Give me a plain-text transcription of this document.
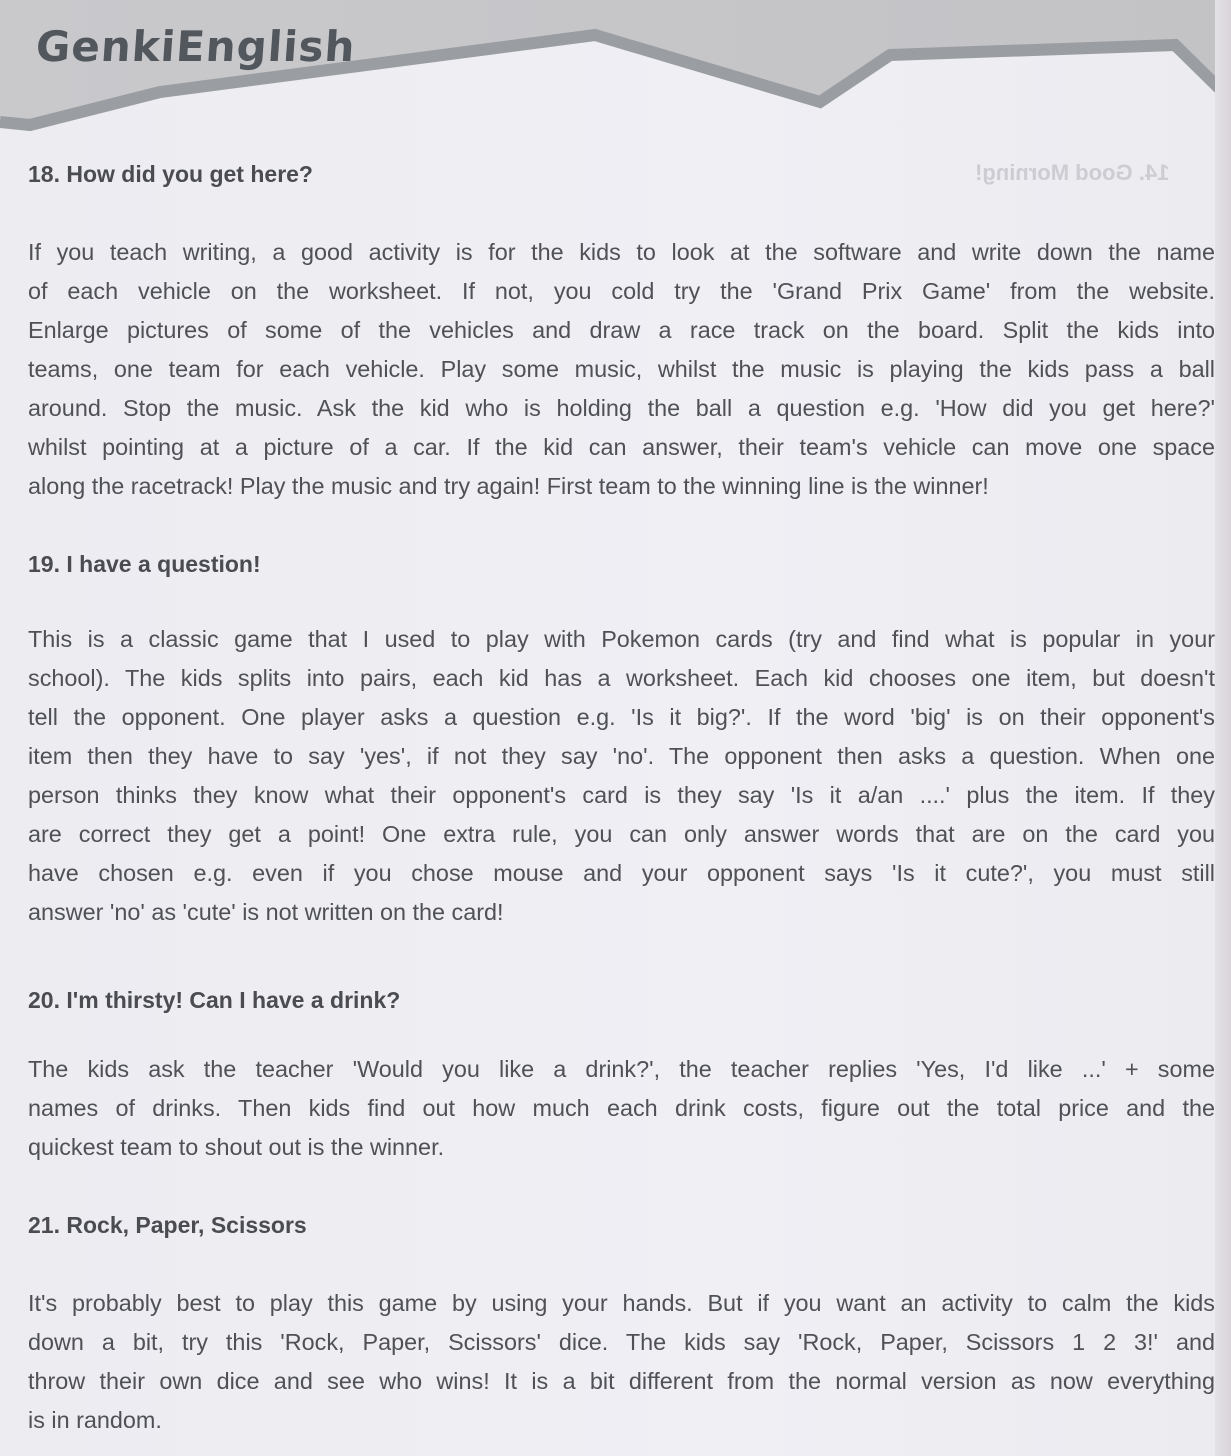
GenkiEnglish
14. Good Morning!
18. How did you get here?
If you teach writing, a good activity is for the kids to look at the software and write down the name
of each vehicle on the worksheet. If not, you cold try the 'Grand Prix Game' from the website.
Enlarge pictures of some of the vehicles and draw a race track on the board. Split the kids into
teams, one team for each vehicle. Play some music, whilst the music is playing the kids pass a ball
around. Stop the music. Ask the kid who is holding the ball a question e.g. 'How did you get here?'
whilst pointing at a picture of a car. If the kid can answer, their team's vehicle can move one space
along the racetrack! Play the music and try again! First team to the winning line is the winner!
19. I have a question!
This is a classic game that I used to play with Pokemon cards (try and find what is popular in your
school). The kids splits into pairs, each kid has a worksheet. Each kid chooses one item, but doesn't
tell the opponent. One player asks a question e.g. 'Is it big?'. If the word 'big' is on their opponent's
item then they have to say 'yes', if not they say 'no'. The opponent then asks a question. When one
person thinks they know what their opponent's card is they say 'Is it a/an ....' plus the item. If they
are correct they get a point! One extra rule, you can only answer words that are on the card you
have chosen e.g. even if you chose mouse and your opponent says 'Is it cute?', you must still
answer 'no' as 'cute' is not written on the card!
20. I'm thirsty! Can I have a drink?
The kids ask the teacher 'Would you like a drink?', the teacher replies 'Yes, I'd like ...' + some
names of drinks. Then kids find out how much each drink costs, figure out the total price and the
quickest team to shout out is the winner.
21. Rock, Paper, Scissors
It's probably best to play this game by using your hands. But if you want an activity to calm the kids
down a bit, try this 'Rock, Paper, Scissors' dice. The kids say 'Rock, Paper, Scissors 1 2 3!' and
throw their own dice and see who wins! It is a bit different from the normal version as now everything
is in random.
